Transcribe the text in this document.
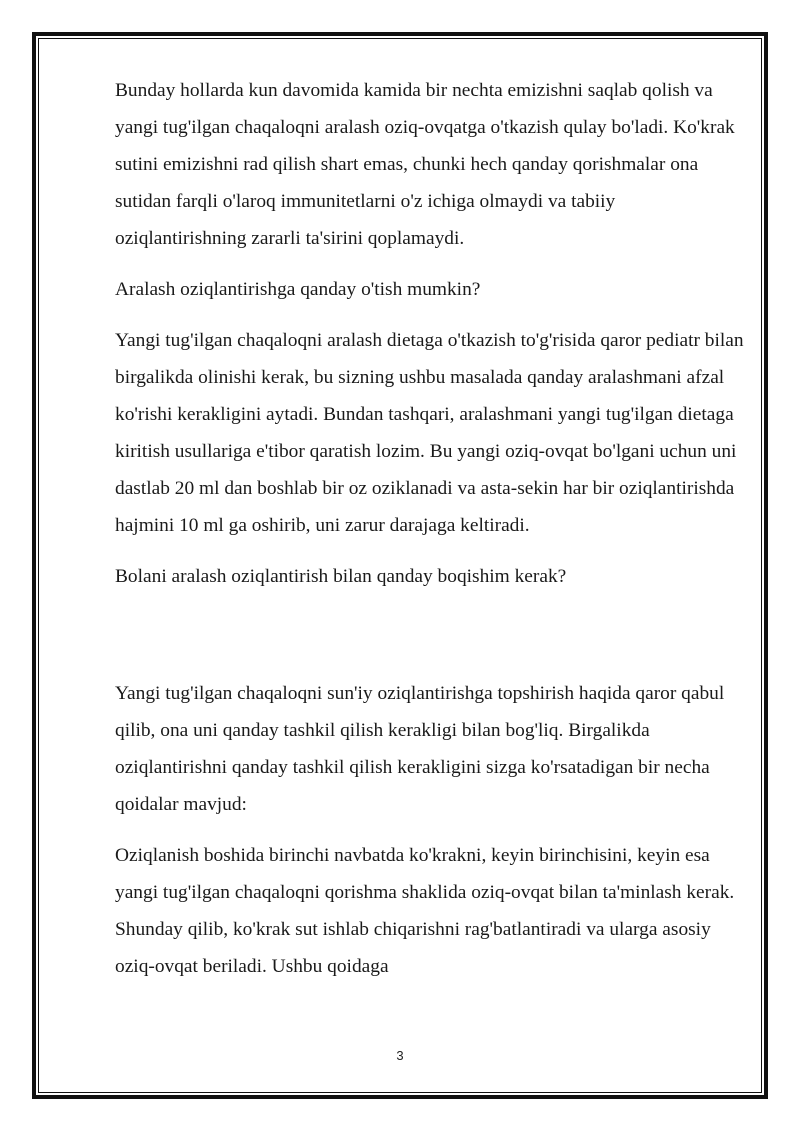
Bunday hollarda kun davomida kamida bir nechta emizishni saqlab qolish va yangi tug'ilgan chaqaloqni aralash oziq-ovqatga o'tkazish qulay bo'ladi. Ko'krak sutini emizishni rad qilish shart emas, chunki hech qanday qorishmalar ona sutidan farqli o'laroq immunitetlarni o'z ichiga olmaydi va tabiiy oziqlantirishning zararli ta'sirini qoplamaydi.

Aralash oziqlantirishga qanday o'tish mumkin?

Yangi tug'ilgan chaqaloqni aralash dietaga o'tkazish to'g'risida qaror pediatr bilan birgalikda olinishi kerak, bu sizning ushbu masalada qanday aralashmani afzal ko'rishi kerakligini aytadi. Bundan tashqari, aralashmani yangi tug'ilgan dietaga kiritish usullariga e'tibor qaratish lozim. Bu yangi oziq-ovqat bo'lgani uchun uni dastlab 20 ml dan boshlab bir oz oziklanadi va asta-sekin har bir oziqlantirishda hajmini 10 ml ga oshirib, uni zarur darajaga keltiradi.

Bolani aralash oziqlantirish bilan qanday boqishim kerak?

Yangi tug'ilgan chaqaloqni sun'iy oziqlantirishga topshirish haqida qaror qabul qilib, ona uni qanday tashkil qilish kerakligi bilan bog'liq. Birgalikda oziqlantirishni qanday tashkil qilish kerakligini sizga ko'rsatadigan bir necha qoidalar mavjud:

Oziqlanish boshida birinchi navbatda ko'krakni, keyin birinchisini, keyin esa yangi tug'ilgan chaqaloqni qorishma shaklida oziq-ovqat bilan ta'minlash kerak. Shunday qilib, ko'krak sut ishlab chiqarishni rag'batlantiradi va ularga asosiy oziq-ovqat beriladi. Ushbu qoidaga

3
